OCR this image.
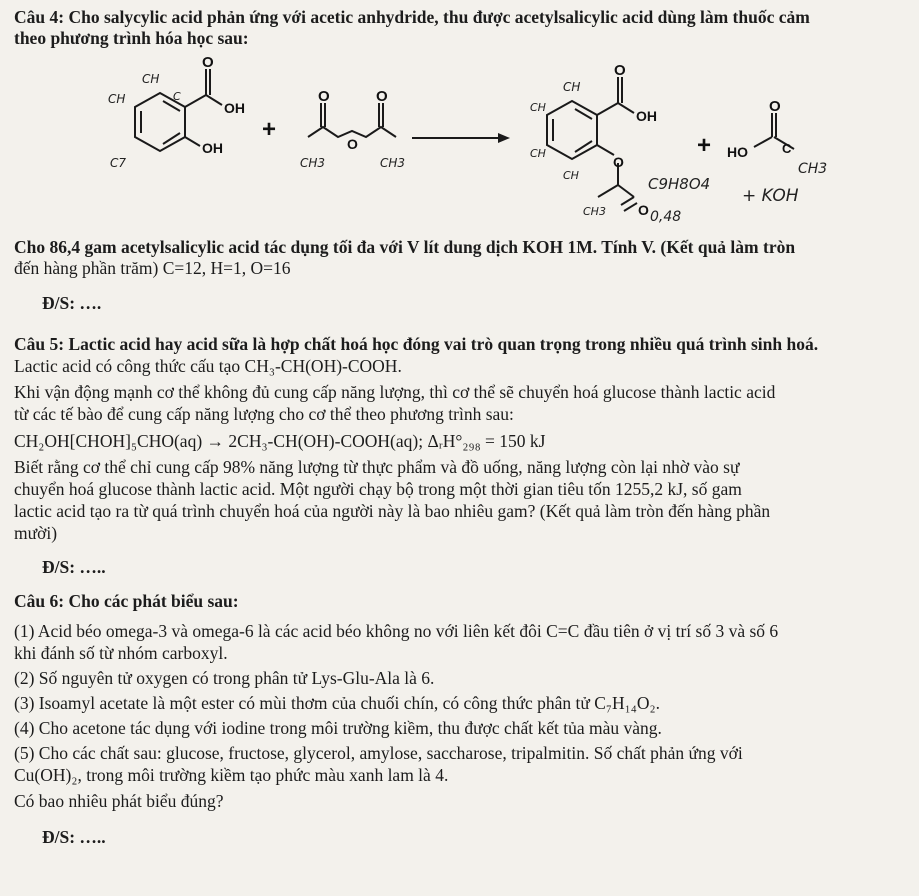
Câu 4: Cho salycylic acid phản ứng với acetic anhydride, thu được acetylsalicylic acid dùng làm thuốc cảm
theo phương trình hóa học sau:
O
OH
OH
CH
CH	C
C7
+
O	O
O
CH3	CH3
O
OH
O
O
CH
CH
CH
CH
CH3
C9H8O4
0,48
+
O
HO	C
CH3
+ KOH
Cho 86,4 gam acetylsalicylic acid tác dụng tối đa với V lít dung dịch KOH 1M. Tính V. (Kết quả làm tròn
đến hàng phần trăm) C=12, H=1, O=16
Đ/S: ….
Câu 5: Lactic acid hay acid sữa là hợp chất hoá học đóng vai trò quan trọng trong nhiều quá trình sinh hoá.
Lactic acid có công thức cấu tạo CH₃-CH(OH)-COOH.
Khi vận động mạnh cơ thể không đủ cung cấp năng lượng, thì cơ thể sẽ chuyển hoá glucose thành lactic acid
từ các tế bào để cung cấp năng lượng cho cơ thể theo phương trình sau:
CH₂OH[CHOH]₅CHO(aq) → 2CH₃-CH(OH)-COOH(aq); ΔᵣH°₂₉₈ = 150 kJ
Biết rằng cơ thể chỉ cung cấp 98% năng lượng từ thực phẩm và đồ uống, năng lượng còn lại nhờ vào sự
chuyển hoá glucose thành lactic acid. Một người chạy bộ trong một thời gian tiêu tốn 1255,2 kJ, số gam
lactic acid tạo ra từ quá trình chuyển hoá của người này là bao nhiêu gam? (Kết quả làm tròn đến hàng phần
mười)
Đ/S: …..
Câu 6: Cho các phát biểu sau:
(1) Acid béo omega-3 và omega-6 là các acid béo không no với liên kết đôi C=C đầu tiên ở vị trí số 3 và số 6
khi đánh số từ nhóm carboxyl.
(2) Số nguyên tử oxygen có trong phân tử Lys-Glu-Ala là 6.
(3) Isoamyl acetate là một ester có mùi thơm của chuối chín, có công thức phân tử C₇H₁₄O₂.
(4) Cho acetone tác dụng với iodine trong môi trường kiềm, thu được chất kết tủa màu vàng.
(5) Cho các chất sau: glucose, fructose, glycerol, amylose, saccharose, tripalmitin. Số chất phản ứng với
Cu(OH)₂, trong môi trường kiềm tạo phức màu xanh lam là 4.
Có bao nhiêu phát biểu đúng?
Đ/S: …..
